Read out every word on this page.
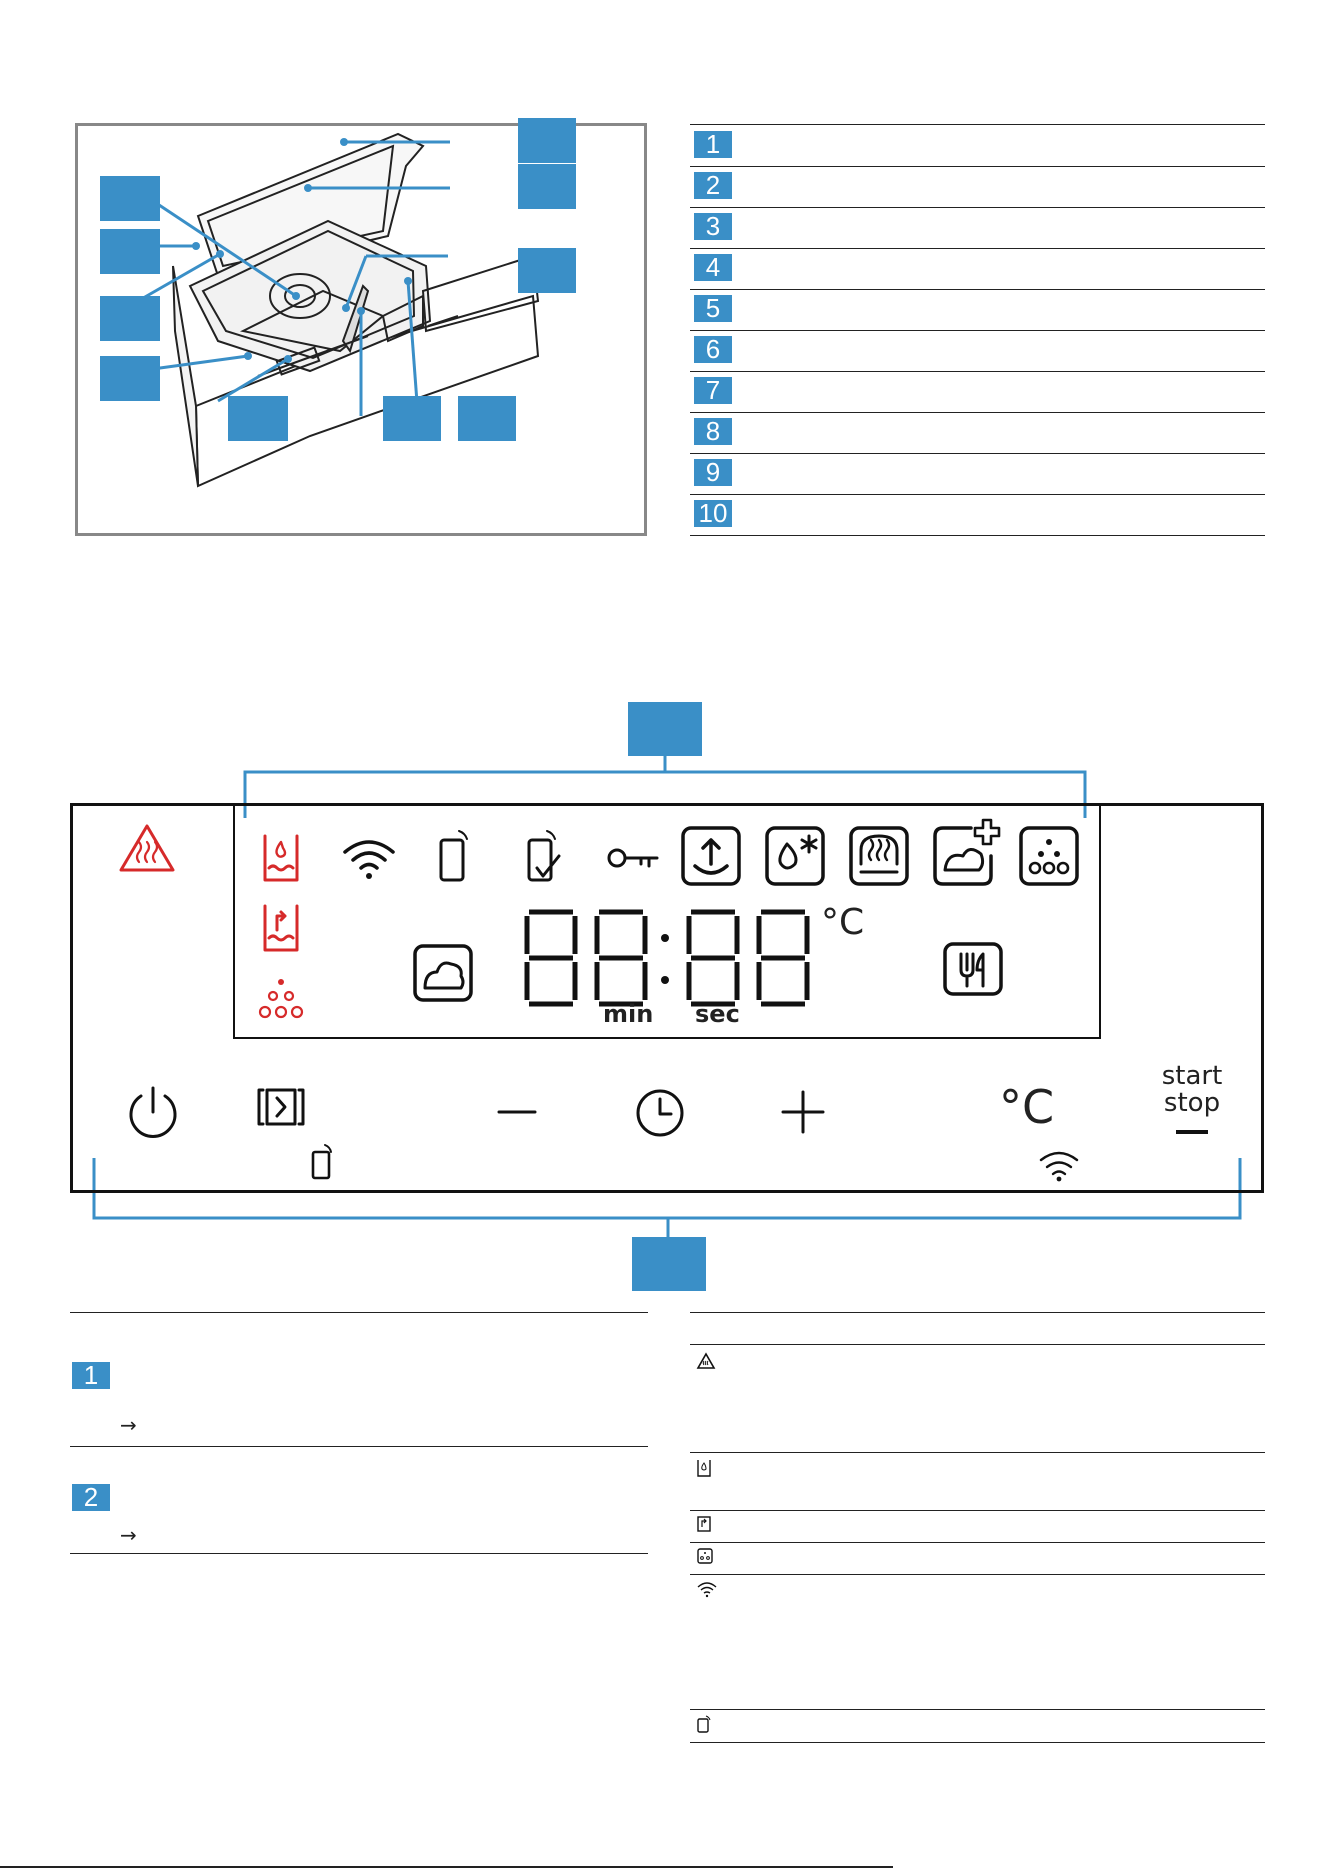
1
2
3
4
5
6
7
8
9
10
°C
min sec
°C
start
stop
1
→
2
→
